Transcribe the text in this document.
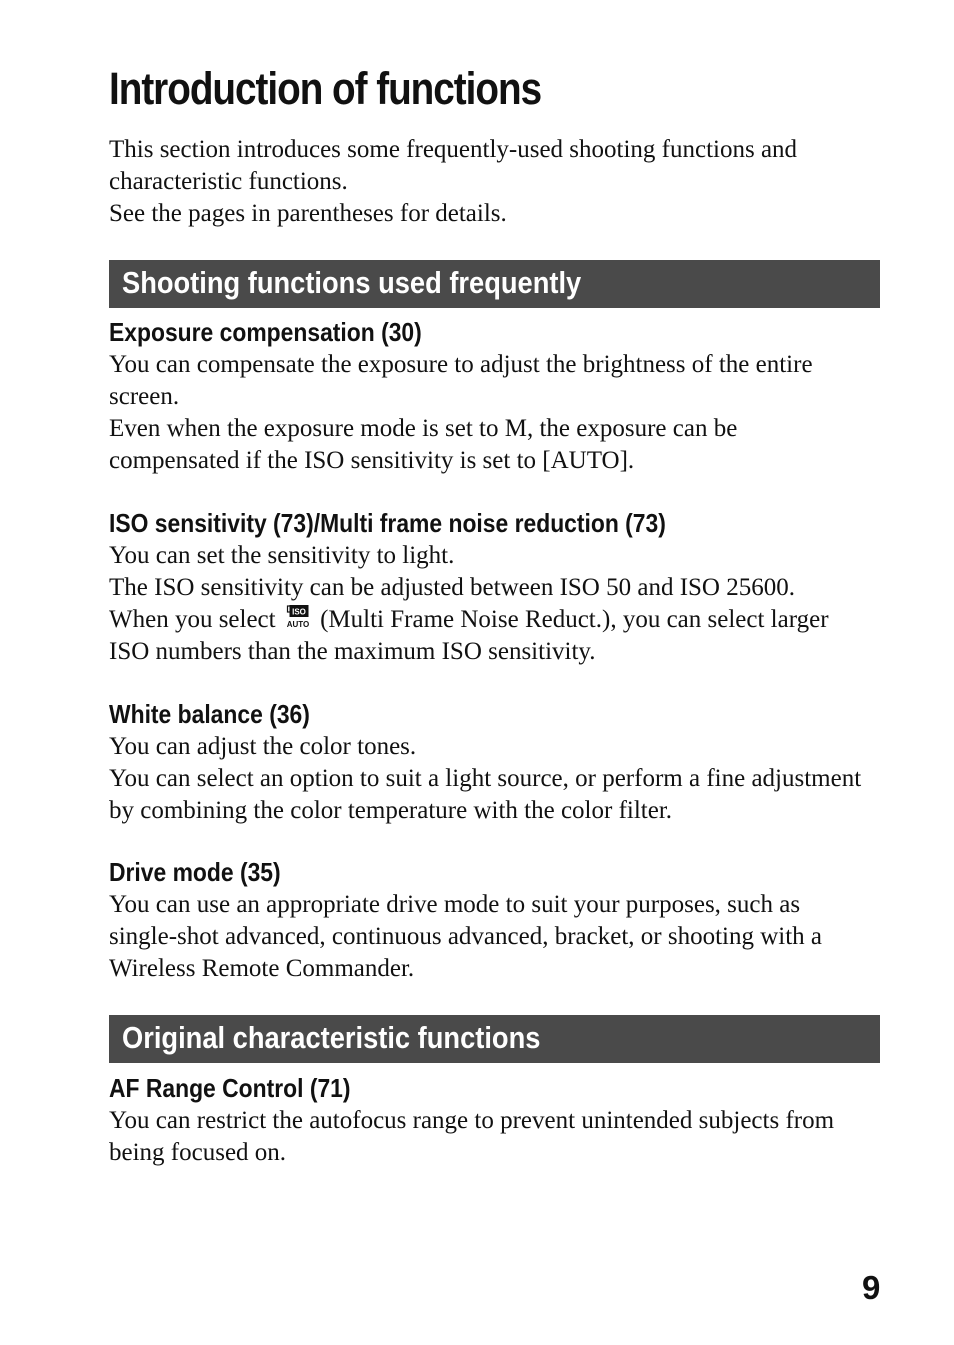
Introduction of functions

This section introduces some frequently-used shooting functions and

characteristic functions.

See the pages in parentheses for details.

Shooting functions used frequently
Exposure compensation (30)

You can compensate the exposure to adjust the brightness of the entire

screen.

Even when the exposure mode is set to M, the exposure can be

compensated if the ISO sensitivity is set to [AUTO].

ISO sensitivity (73)/Multi frame noise reduction (73)

You can set the sensitivity to light.

The ISO sensitivity can be adjusted between ISO 50 and ISO 25600.

When you select ISO
AUTO (Multi Frame Noise Reduct.), you can select larger

ISO numbers than the maximum ISO sensitivity.

White balance (36)

You can adjust the color tones.

You can select an option to suit a light source, or perform a fine adjustment

by combining the color temperature with the color filter.

Drive mode (35)

You can use an appropriate drive mode to suit your purposes, such as

single-shot advanced, continuous advanced, bracket, or shooting with a

Wireless Remote Commander.

Original characteristic functions
AF Range Control (71)

You can restrict the autofocus range to prevent unintended subjects from

being focused on.

9
